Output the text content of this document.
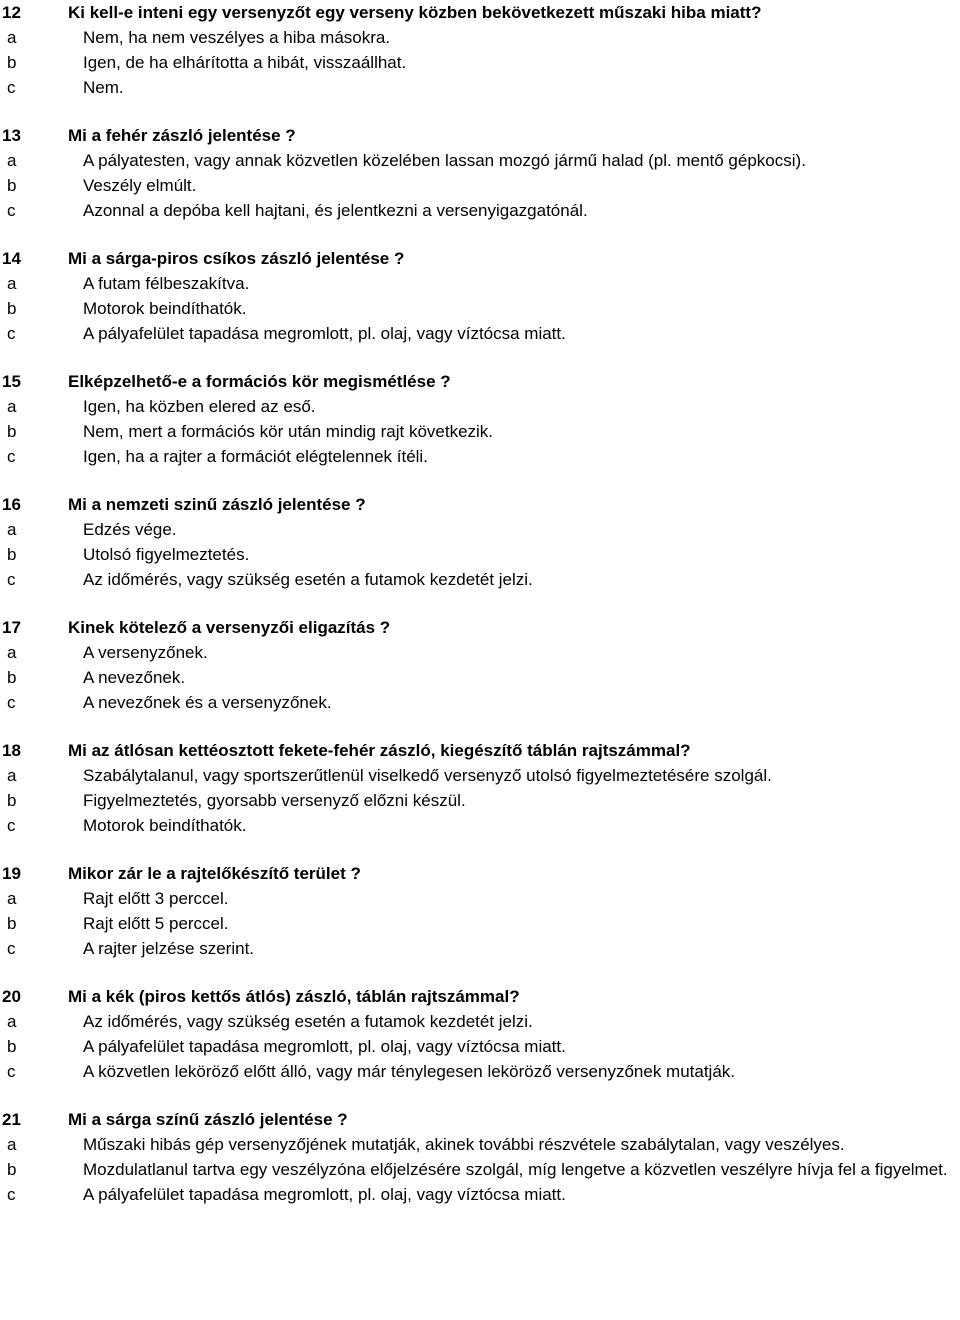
12	Ki kell-e inteni egy versenyzőt egy verseny közben bekövetkezett műszaki hiba miatt?
a	Nem, ha nem veszélyes a hiba másokra.
b	Igen, de ha elhárította a hibát, visszaállhat.
c	Nem.
13	Mi a fehér zászló jelentése ?
a	A pályatesten, vagy annak közvetlen közelében lassan mozgó jármű halad (pl. mentő gépkocsi).
b	Veszély elmúlt.
c	Azonnal a depóba kell hajtani, és jelentkezni a versenyigazgatónál.
14	Mi a sárga-piros csíkos zászló jelentése ?
a	A futam félbeszakítva.
b	Motorok beindíthatók.
c	A pályafelület tapadása megromlott, pl. olaj, vagy víztócsa miatt.
15	Elképzelhető-e a formációs kör megismétlése ?
a	Igen, ha közben elered az eső.
b	Nem, mert a formációs kör után mindig rajt következik.
c	Igen, ha a rajter a formációt elégtelennek ítéli.
16	Mi a nemzeti szinű zászló jelentése ?
a	Edzés vége.
b	Utolsó figyelmeztetés.
c	Az időmérés, vagy szükség esetén a futamok kezdetét jelzi.
17	Kinek kötelező a versenyzői eligazítás ?
a	A versenyzőnek.
b	A nevezőnek.
c	A nevezőnek és a versenyzőnek.
18	Mi az átlósan kettéosztott fekete-fehér zászló, kiegészítő táblán rajtszámmal?
a	Szabálytalanul, vagy sportszerűtlenül viselkedő versenyző utolsó figyelmeztetésére szolgál.
b	Figyelmeztetés, gyorsabb versenyző előzni készül.
c	Motorok beindíthatók.
19	Mikor zár le a rajtelőkészítő terület ?
a	Rajt előtt 3 perccel.
b	Rajt előtt 5 perccel.
c	A rajter jelzése szerint.
20	Mi a kék (piros kettős átlós) zászló, táblán rajtszámmal?
a	Az időmérés, vagy szükség esetén a futamok kezdetét jelzi.
b	A pályafelület tapadása megromlott, pl. olaj, vagy víztócsa miatt.
c	A közvetlen leköröző előtt álló, vagy már ténylegesen leköröző versenyzőnek mutatják.
21	Mi a sárga színű zászló jelentése ?
a	Műszaki hibás gép versenyzőjének mutatják, akinek további részvétele szabálytalan, vagy veszélyes.
b	Mozdulatlanul tartva egy veszélyzóna előjelzésére szolgál, míg lengetve a közvetlen veszélyre hívja fel a figyelmet.
c	A pályafelület tapadása megromlott, pl. olaj, vagy víztócsa miatt.
